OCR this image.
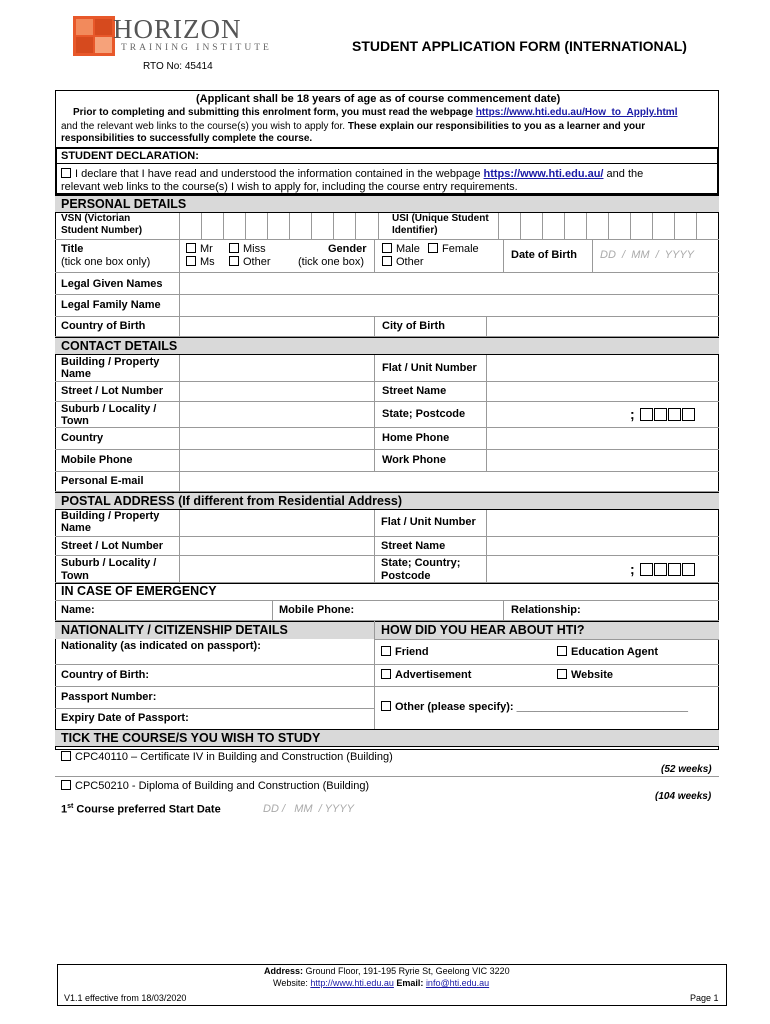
HORIZON
TRAINING INSTITUTE
RTO No: 45414
STUDENT APPLICATION FORM (INTERNATIONAL)
(Applicant shall be 18 years of age as of course commencement date)
Prior to completing and submitting this enrolment form, you must read the webpage https://www.hti.edu.au/How_to_Apply.html
and the relevant web links to the course(s) you wish to apply for. These explain our responsibilities to you as a learner and your
responsibilities to successfully complete the course.
STUDENT DECLARATION:
I declare that I have read and understood the information contained in the webpage https://www.hti.edu.au/ and the
relevant web links to the course(s) I wish to apply for, including the course entry requirements.
PERSONAL DETAILS
VSN (Victorian
Student Number)
USI (Unique Student
Identifier)
Title
(tick one box only)
Mr	Miss
Ms	Other
Gender
(tick one box)
Male	Female
Other
Date of Birth DD / MM / YYYY
Legal Given Names
Legal Family Name
Country of Birth	City of Birth
CONTACT DETAILS
Building / Property
Name	Flat / Unit Number
Street / Lot Number	Street Name
Suburb / Locality /
Town
State; Postcode	;
Country	Home Phone
Mobile Phone	Work Phone
Personal E-mail
POSTAL ADDRESS (If different from Residential Address)
Building / Property
Name	Flat / Unit Number
Street / Lot Number	Street Name
Suburb / Locality /
Town
State; Country;
Postcode	;
IN CASE OF EMERGENCY
Name:	Mobile Phone:	Relationship:
NATIONALITY / CITIZENSHIP DETAILS	HOW DID YOU HEAR ABOUT HTI?
Nationality (as indicated on passport):
Country of Birth:
Passport Number:
Expiry Date of Passport:
Friend	Education Agent
Advertisement	Website
Other (please specify): ____________________________
TICK THE COURSE/S YOU WISH TO STUDY
CPC40110 – Certificate IV in Building and Construction (Building)
(52 weeks)
CPC50210 - Diploma of Building and Construction (Building)
(104 weeks)
1st Course preferred Start Date	DD / MM / YYYY
Address: Ground Floor, 191-195 Ryrie St, Geelong VIC 3220
Website: http://www.hti.edu.au Email: info@hti.edu.au
V1.1 effective from 18/03/2020	Page 1
